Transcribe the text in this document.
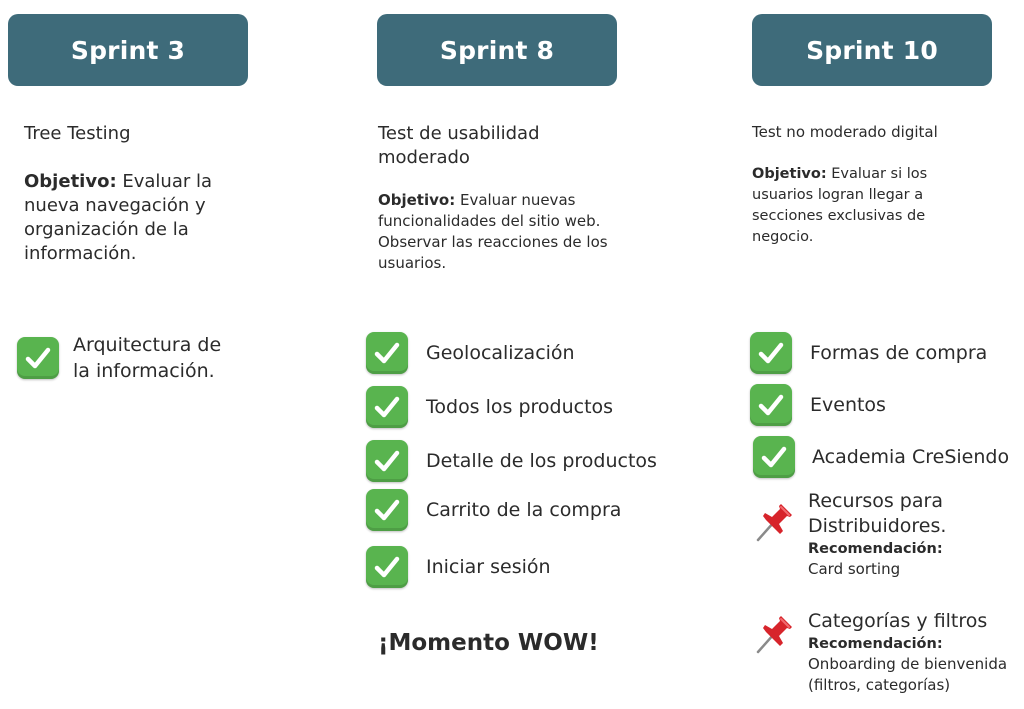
Sprint 3	Sprint 8	Sprint 10

Tree Testing

Objetivo: Evaluar la
nueva navegación y
organización de la
información.
Arquitectura de
la información.
Test de usabilidad
moderado
Objetivo: Evaluar nuevas
funcionalidades del sitio web.
Observar las reacciones de los
usuarios.
Geolocalización
Todos los productos
Detalle de los productos
Carrito de la compra
Iniciar sesión
¡Momento WOW!

Test no moderado digital

Objetivo: Evaluar si los
usuarios logran llegar a
secciones exclusivas de
negocio.
Formas de compra
Eventos
Academia CreSiendo
Recursos para
Distribuidores.
Recomendación:
Card sorting
Categorías y filtros
Recomendación:
Onboarding de bienvenida
(filtros, categorías)
